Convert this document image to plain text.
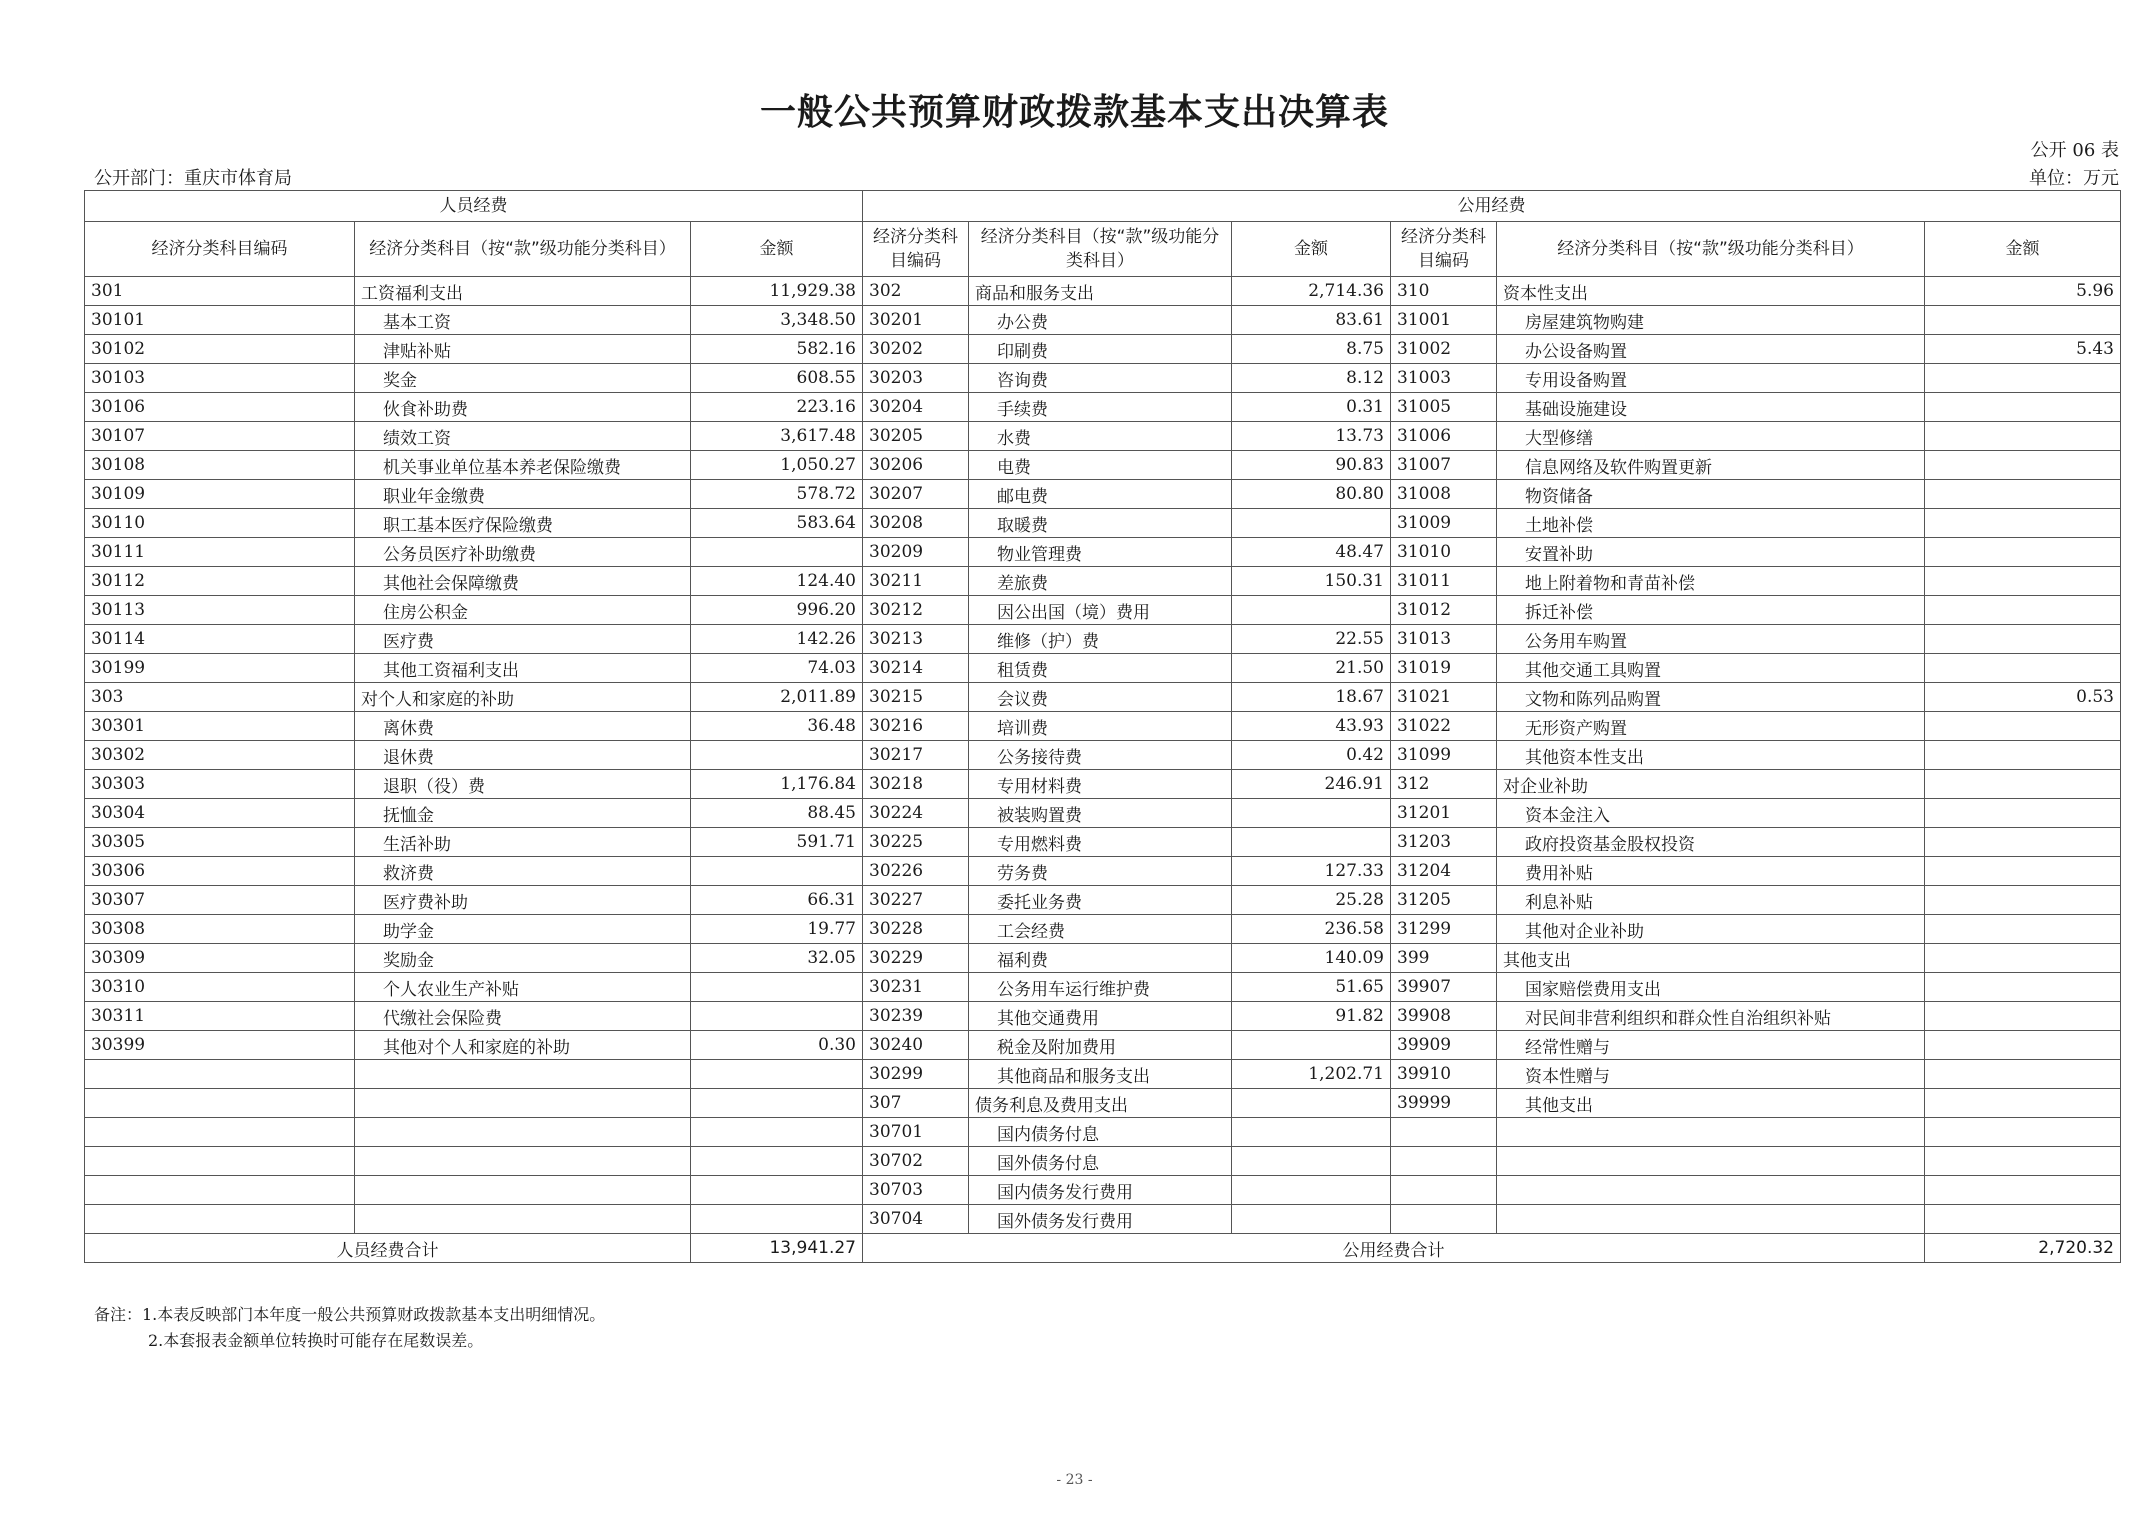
一般公共预算财政拨款基本支出决算表
公开 06 表
公开部门：重庆市体育局	单位：万元
人员经费			公用经费					
经济分类科目编码	经济分类科目（按“款”级功能分类科目）	金额	经济分类科目编码	经济分类科目（按“款”级功能分类科目）	金额	经济分类科目编码	经济分类科目（按“款”级功能分类科目）	金额
301	工资福利支出	11,929.38	302	商品和服务支出	2,714.36	310	资本性支出	5.96
30101	基本工资	3,348.50	30201	办公费	83.61	31001	房屋建筑物购建	
30102	津贴补贴	582.16	30202	印刷费	8.75	31002	办公设备购置	5.43
30103	奖金	608.55	30203	咨询费	8.12	31003	专用设备购置	
30106	伙食补助费	223.16	30204	手续费	0.31	31005	基础设施建设	
30107	绩效工资	3,617.48	30205	水费	13.73	31006	大型修缮	
30108	机关事业单位基本养老保险缴费	1,050.27	30206	电费	90.83	31007	信息网络及软件购置更新	
30109	职业年金缴费	578.72	30207	邮电费	80.80	31008	物资储备	
30110	职工基本医疗保险缴费	583.64	30208	取暖费		31009	土地补偿	
30111	公务员医疗补助缴费		30209	物业管理费	48.47	31010	安置补助	
30112	其他社会保障缴费	124.40	30211	差旅费	150.31	31011	地上附着物和青苗补偿	
30113	住房公积金	996.20	30212	因公出国（境）费用		31012	拆迁补偿	
30114	医疗费	142.26	30213	维修（护）费	22.55	31013	公务用车购置	
30199	其他工资福利支出	74.03	30214	租赁费	21.50	31019	其他交通工具购置	
303	对个人和家庭的补助	2,011.89	30215	会议费	18.67	31021	文物和陈列品购置	0.53
30301	离休费	36.48	30216	培训费	43.93	31022	无形资产购置	
30302	退休费		30217	公务接待费	0.42	31099	其他资本性支出	
30303	退职（役）费	1,176.84	30218	专用材料费	246.91	312	对企业补助	
30304	抚恤金	88.45	30224	被装购置费		31201	资本金注入	
30305	生活补助	591.71	30225	专用燃料费		31203	政府投资基金股权投资	
30306	救济费		30226	劳务费	127.33	31204	费用补贴	
30307	医疗费补助	66.31	30227	委托业务费	25.28	31205	利息补贴	
30308	助学金	19.77	30228	工会经费	236.58	31299	其他对企业补助	
30309	奖励金	32.05	30229	福利费	140.09	399	其他支出	
30310	个人农业生产补贴		30231	公务用车运行维护费	51.65	39907	国家赔偿费用支出	
30311	代缴社会保险费		30239	其他交通费用	91.82	39908	对民间非营利组织和群众性自治组织补贴	
30399	其他对个人和家庭的补助	0.30	30240	税金及附加费用		39909	经常性赠与	
			30299	其他商品和服务支出	1,202.71	39910	资本性赠与	
			307	债务利息及费用支出		39999	其他支出	
			30701	国内债务付息				
			30702	国外债务付息				
			30703	国内债务发行费用				
			30704	国外债务发行费用				
人员经费合计		13,941.27	公用经费合计					2,720.32
备注：1.本表反映部门本年度一般公共预算财政拨款基本支出明细情况。
2.本套报表金额单位转换时可能存在尾数误差。
- 23 -
